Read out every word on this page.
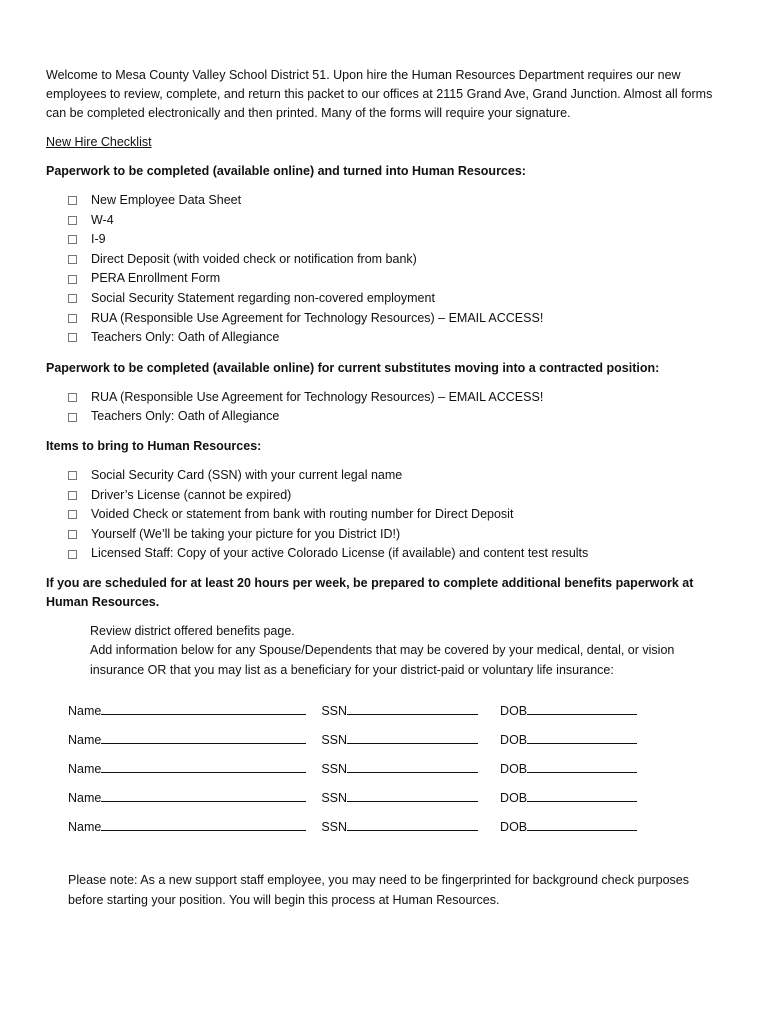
Welcome to Mesa County Valley School District 51. Upon hire the Human Resources Department requires our new employees to review, complete, and return this packet to our offices at 2115 Grand Ave, Grand Junction. Almost all forms can be completed electronically and then printed. Many of the forms will require your signature.

New Hire Checklist

Paperwork to be completed (available online) and turned into Human Resources:

New Employee Data Sheet
W-4
I-9
Direct Deposit (with voided check or notification from bank)
PERA Enrollment Form
Social Security Statement regarding non-covered employment
RUA (Responsible Use Agreement for Technology Resources) – EMAIL ACCESS!
Teachers Only: Oath of Allegiance

Paperwork to be completed (available online) for current substitutes moving into a contracted position:

RUA (Responsible Use Agreement for Technology Resources) – EMAIL ACCESS!
Teachers Only: Oath of Allegiance

Items to bring to Human Resources:

Social Security Card (SSN) with your current legal name
Driver’s License (cannot be expired)
Voided Check or statement from bank with routing number for Direct Deposit
Yourself (We’ll be taking your picture for you District ID!)
Licensed Staff: Copy of your active Colorado License (if available) and content test results

If you are scheduled for at least 20 hours per week, be prepared to complete additional benefits paperwork at Human Resources.

Review district offered benefits page.

Add information below for any Spouse/Dependents that may be covered by your medical, dental, or vision insurance OR that you may list as a beneficiary for your district-paid or voluntary life insurance:

Name	SSN	DOB
Name	SSN	DOB
Name	SSN	DOB
Name	SSN	DOB
Name	SSN	DOB

Please note: As a new support staff employee, you may need to be fingerprinted for background check purposes before starting your position. You will begin this process at Human Resources.
